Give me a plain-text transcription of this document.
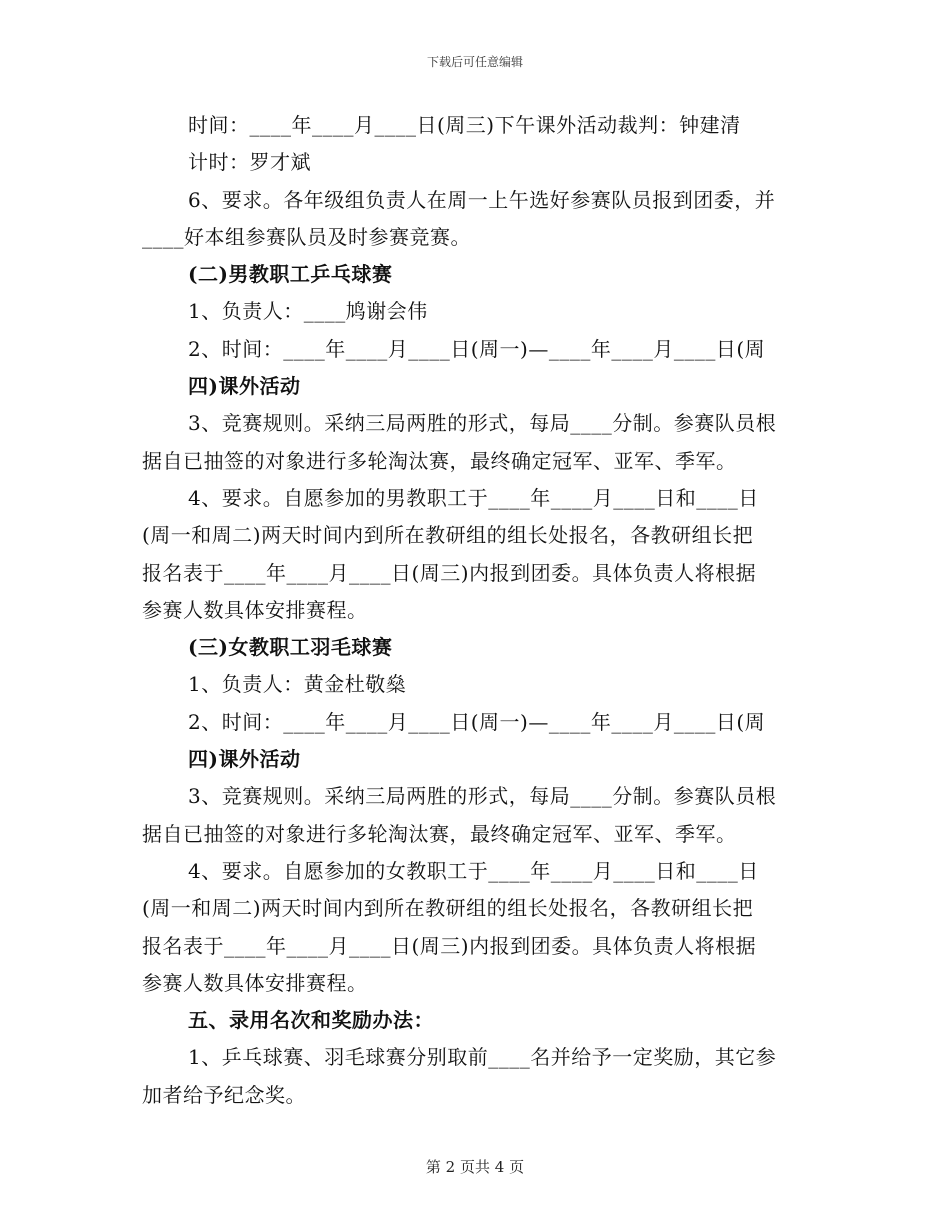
下载后可任意编辑
时间：____年____月____日(周三)下午课外活动裁判：钟建清
计时：罗才斌
6、要求。各年级组负责人在周一上午选好参赛队员报到团委，并
____好本组参赛队员及时参赛竞赛。
(二)男教职工乒乓球赛
1、负责人：____鸠谢会伟
2、时间：____年____月____日(周一)—____年____月____日(周
四)课外活动
3、竞赛规则。采纳三局两胜的形式，每局____分制。参赛队员根
据自已抽签的对象进行多轮淘汰赛，最终确定冠军、亚军、季军。
4、要求。自愿参加的男教职工于____年____月____日和____日
(周一和周二)两天时间内到所在教研组的组长处报名，各教研组长把
报名表于____年____月____日(周三)内报到团委。具体负责人将根据
参赛人数具体安排赛程。
(三)女教职工羽毛球赛
1、负责人：黄金杜敬燊
2、时间：____年____月____日(周一)—____年____月____日(周
四)课外活动
3、竞赛规则。采纳三局两胜的形式，每局____分制。参赛队员根
据自已抽签的对象进行多轮淘汰赛，最终确定冠军、亚军、季军。
4、要求。自愿参加的女教职工于____年____月____日和____日
(周一和周二)两天时间内到所在教研组的组长处报名，各教研组长把
报名表于____年____月____日(周三)内报到团委。具体负责人将根据
参赛人数具体安排赛程。
五、录用名次和奖励办法：
1、乒乓球赛、羽毛球赛分别取前____名并给予一定奖励，其它参
加者给予纪念奖。
第 2 页共 4 页
